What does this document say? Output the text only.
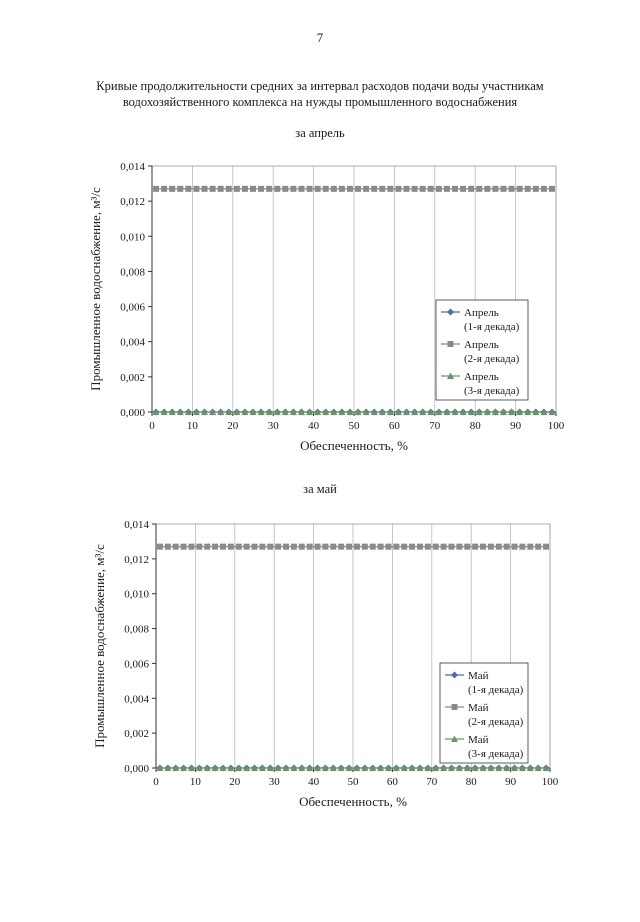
7
Кривые продолжительности средних за интервал расходов подачи воды участникам
водохозяйственного комплекса на нужды промышленного водоснабжения
за апрель
0,000
0,002
0,004
0,006
0,008
0,010
0,012
0,014
0	10	20	30	40	50	60	70	80	90 100
Обеспеченность, %
Промышленное водоснабжение, м³/с	Апрель
(1-я декада)
Апрель
(2-я декада)
Апрель
(3-я декада)
за май
0,000
0,002
0,004
0,006
0,008
0,010
0,012
0,014
0	10	20	30	40	50	60	70	80	90 100
Обеспеченность, %
Промышленное водоснабжение, м³/с	Май
(1-я декада)
Май
(2-я декада)
Май
(3-я декада)
